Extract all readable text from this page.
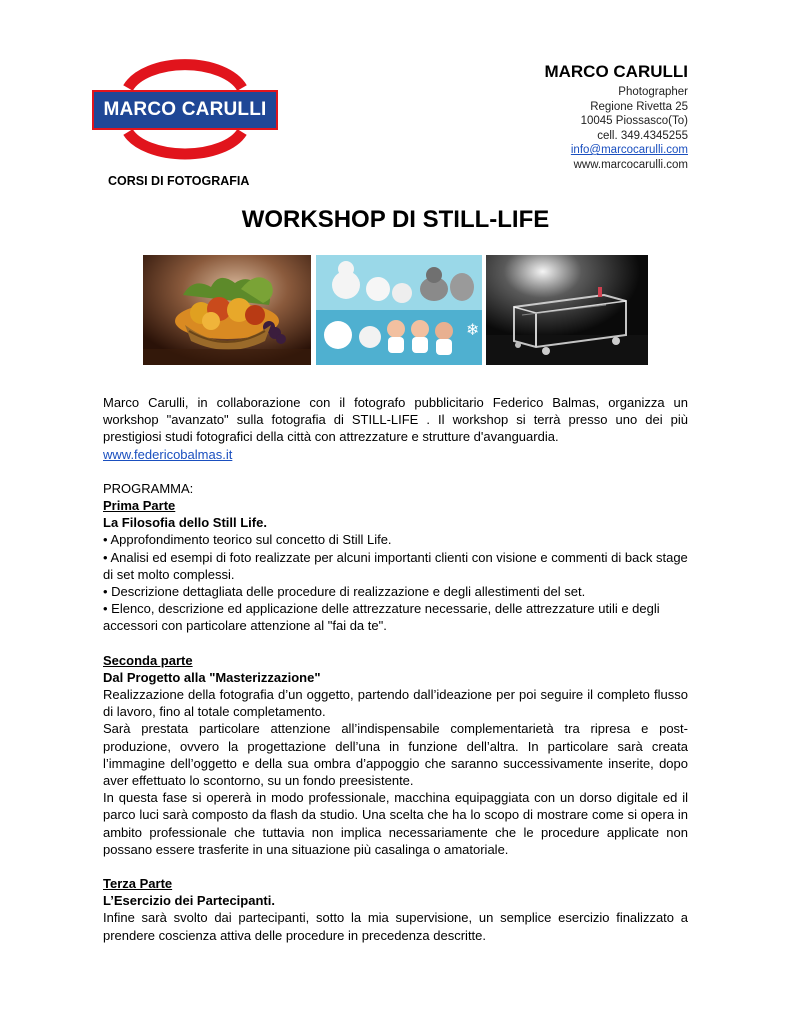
MARCO CARULLI
CORSI DI FOTOGRAFIA
MARCO CARULLI
Photographer
Regione Rivetta 25
10045 Piossasco(To)
cell. 349.4345255
info@marcocarulli.com
www.marcocarulli.com
WORKSHOP DI STILL-LIFE
❄

Marco Carulli, in collaborazione con il fotografo pubblicitario Federico Balmas, organizza un workshop "avanzato" sulla fotografia di STILL-LIFE . Il workshop si terrà presso uno dei più prestigiosi studi fotografici della città con attrezzature e strutture d'avanguardia.

www.federicobalmas.it

PROGRAMMA:

Prima Parte

La Filosofia dello Still Life.

• Approfondimento teorico sul concetto di Still Life.

• Analisi ed esempi di foto realizzate per alcuni importanti clienti con visione e commenti di back stage di set molto complessi.

• Descrizione dettagliata delle procedure di realizzazione e degli allestimenti del set.

• Elenco, descrizione ed applicazione delle attrezzature necessarie, delle attrezzature utili e degli accessori con particolare attenzione al "fai da te".

Seconda parte

Dal Progetto alla "Masterizzazione"

Realizzazione della fotografia d’un oggetto, partendo dall’ideazione per poi seguire il completo flusso di lavoro, fino al totale completamento.

Sarà prestata particolare attenzione all’indispensabile complementarietà tra ripresa e post-produzione, ovvero la progettazione dell’una in funzione dell’altra. In particolare sarà creata l’immagine dell’oggetto e della sua ombra d’appoggio che saranno successivamente inserite, dopo aver effettuato lo scontorno, su un fondo preesistente.

In questa fase si opererà in modo professionale, macchina equipaggiata con un dorso digitale ed il parco luci sarà composto da flash da studio. Una scelta che ha lo scopo di mostrare come si opera in ambito professionale che tuttavia non implica necessariamente che le procedure applicate non possano essere trasferite in una situazione più casalinga o amatoriale.

Terza Parte

L’Esercizio dei Partecipanti.

Infine sarà svolto dai partecipanti, sotto la mia supervisione, un semplice esercizio finalizzato a prendere coscienza attiva delle procedure in precedenza descritte.
